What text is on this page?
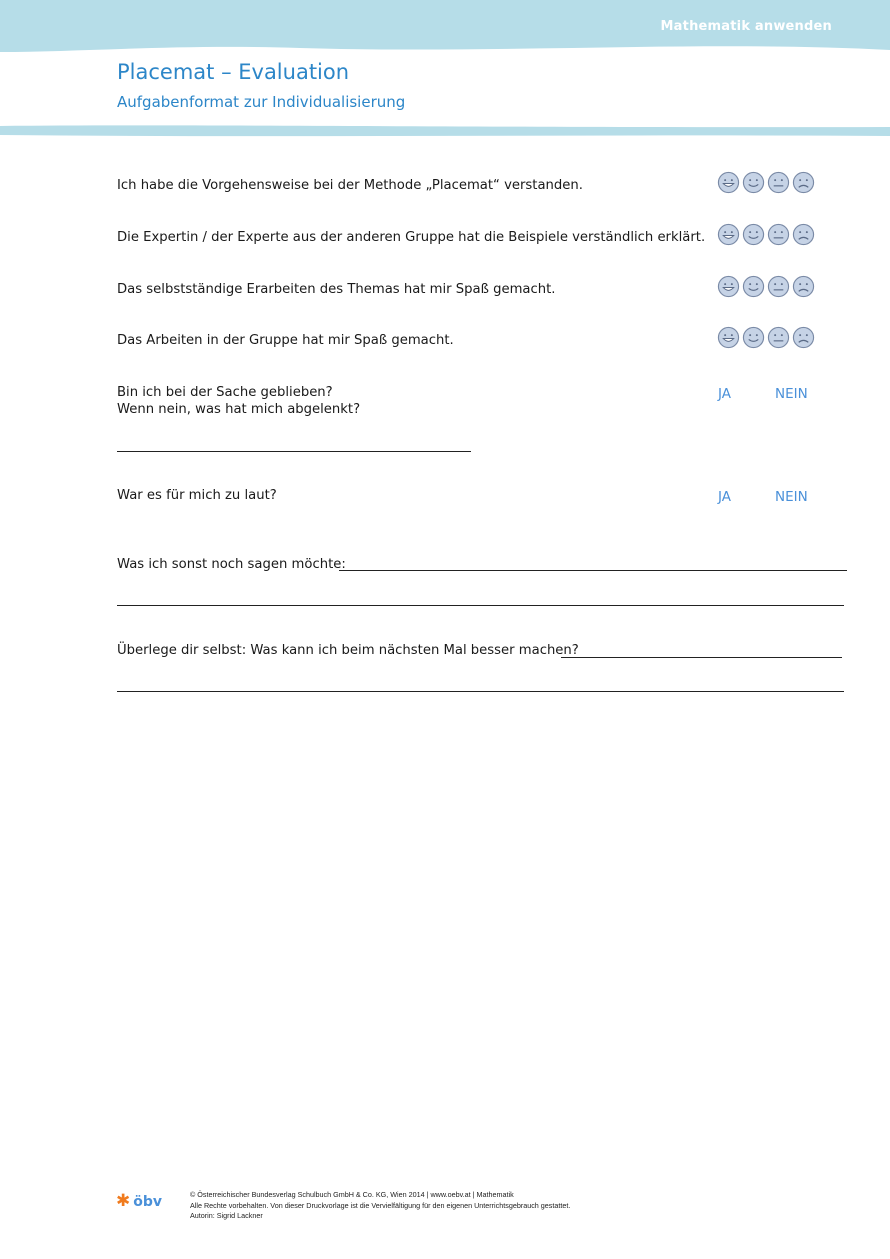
Mathematik anwenden
Placemat – Evaluation
Aufgabenformat zur Individualisierung
Ich habe die Vorgehensweise bei der Methode „Placemat“ verstanden.
Die Expertin / der Experte aus der anderen Gruppe hat die Beispiele verständlich erklärt.
Das selbstständige Erarbeiten des Themas hat mir Spaß gemacht.
Das Arbeiten in der Gruppe hat mir Spaß gemacht.
Bin ich bei der Sache geblieben?
Wenn nein, was hat mich abgelenkt?
JA	NEIN
War es für mich zu laut?	JA	NEIN
Was ich sonst noch sagen möchte:
Überlege dir selbst: Was kann ich beim nächsten Mal besser machen?
✱ öbv	© Österreichischer Bundesverlag Schulbuch GmbH & Co. KG, Wien 2014 | www.oebv.at | Mathematik
Alle Rechte vorbehalten. Von dieser Druckvorlage ist die Vervielfältigung für den eigenen Unterrichtsgebrauch gestattet.
Autorin: Sigrid Lackner
